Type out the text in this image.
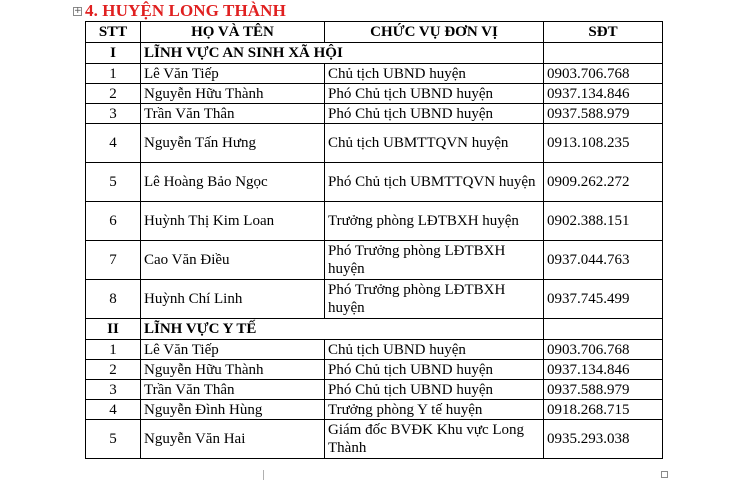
+ 4. HUYỆN LONG THÀNH
STT	HỌ VÀ TÊN	CHỨC VỤ ĐƠN VỊ	SĐT
I	LĨNH VỰC AN SINH XÃ HỘI		
1	Lê Văn Tiếp	Chủ tịch UBND huyện	0903.706.768
2	Nguyễn Hữu Thành	Phó Chủ tịch UBND huyện	0937.134.846
3	Trần Văn Thân	Phó Chủ tịch UBND huyện	0937.588.979
4	Nguyễn Tấn Hưng	Chủ tịch UBMTTQVN huyện	0913.108.235
5	Lê Hoàng Bảo Ngọc	Phó Chủ tịch UBMTTQVN huyện	0909.262.272
6	Huỳnh Thị Kim Loan	Trưởng phòng LĐTBXH huyện	0902.388.151
7	Cao Văn Điều	Phó Trưởng phòng LĐTBXH huyện	0937.044.763
8	Huỳnh Chí Linh	Phó Trưởng phòng LĐTBXH huyện	0937.745.499
II	LĨNH VỰC Y TẾ		
1	Lê Văn Tiếp	Chủ tịch UBND huyện	0903.706.768
2	Nguyễn Hữu Thành	Phó Chủ tịch UBND huyện	0937.134.846
3	Trần Văn Thân	Phó Chủ tịch UBND huyện	0937.588.979
4	Nguyễn Đình Hùng	Trưởng phòng Y tế huyện	0918.268.715
5	Nguyễn Văn Hai	Giám đốc BVĐK Khu vực Long Thành	0935.293.038
